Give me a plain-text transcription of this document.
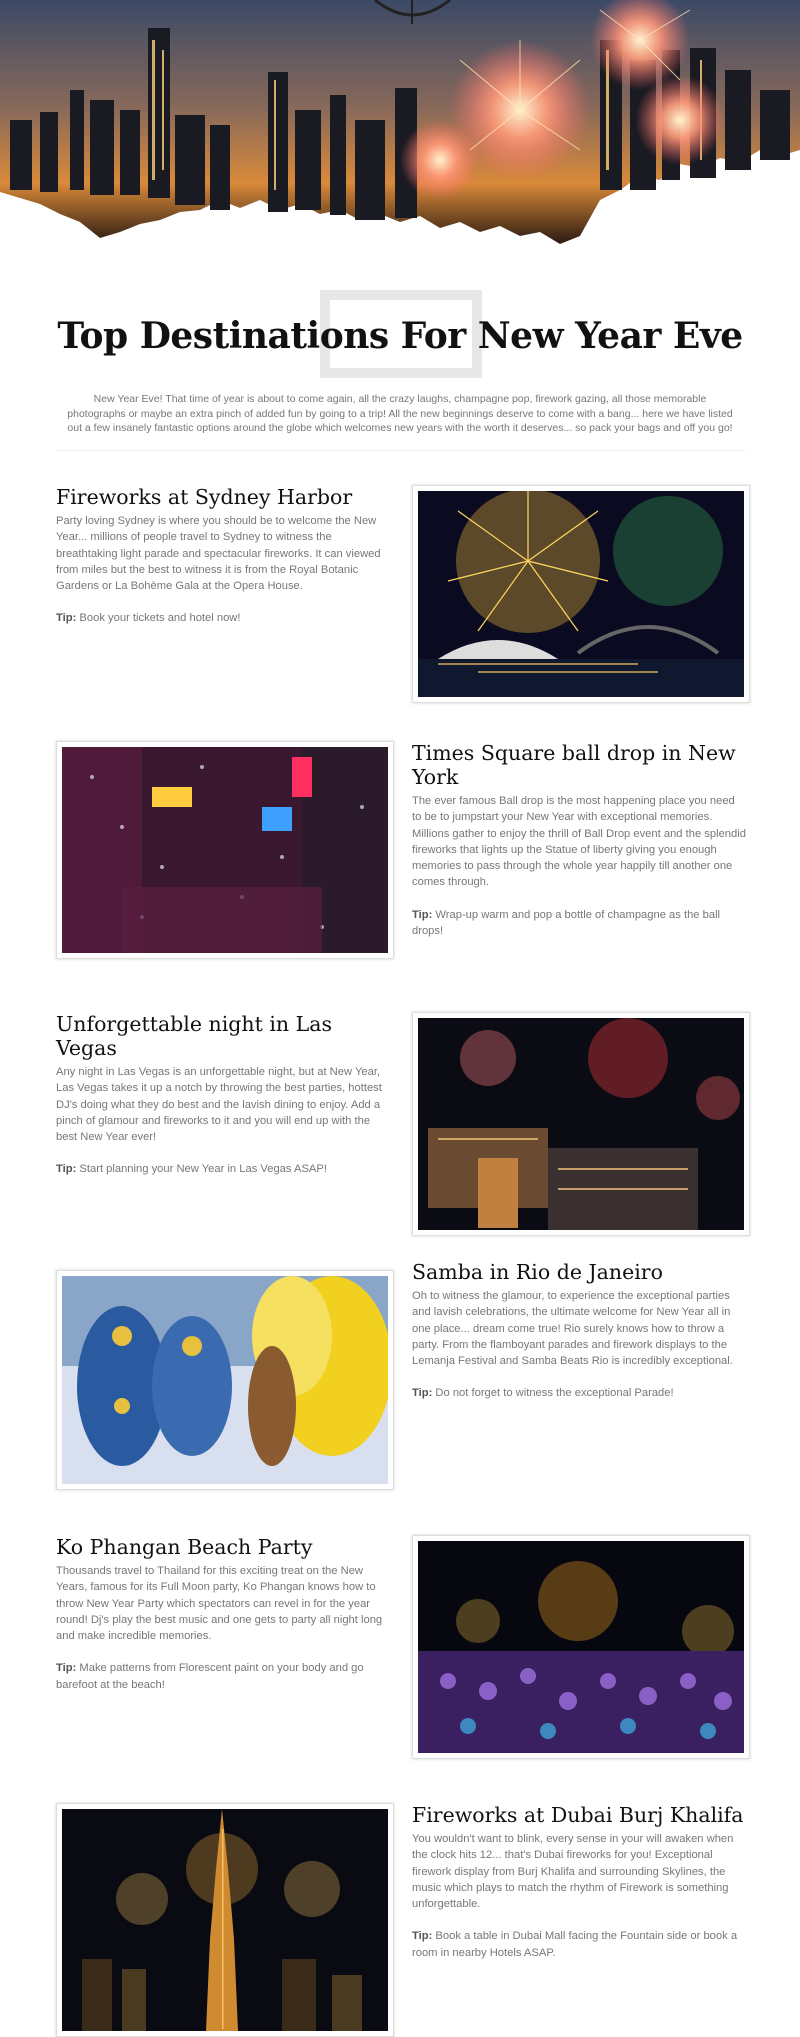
Top Destinations For New Year Eve

New Year Eve! That time of year is about to come again, all the crazy laughs, champagne pop, firework gazing, all those memorable photographs or maybe an extra pinch of added fun by going to a trip! All the new beginnings deserve to come with a bang... here we have listed out a few insanely fantastic options around the globe which welcomes new years with the worth it deserves... so pack your bags and off you go!

Fireworks at Sydney Harbor

Party loving Sydney is where you should be to welcome the New Year... millions of people travel to Sydney to witness the breathtaking light parade and spectacular fireworks. It can viewed from miles but the best to witness it is from the Royal Botanic Gardens or La Bohème Gala at the Opera House.

Tip: Book your tickets and hotel now!

Times Square ball drop in New York

The ever famous Ball drop is the most happening place you need to be to jumpstart your New Year with exceptional memories. Millions gather to enjoy the thrill of Ball Drop event and the splendid fireworks that lights up the Statue of liberty giving you enough memories to pass through the whole year happily till another one comes through.

Tip: Wrap-up warm and pop a bottle of champagne as the ball drops!

Unforgettable night in Las Vegas

Any night in Las Vegas is an unforgettable night, but at New Year, Las Vegas takes it up a notch by throwing the best parties, hottest DJ's doing what they do best and the lavish dining to enjoy. Add a pinch of glamour and fireworks to it and you will end up with the best New Year ever!

Tip: Start planning your New Year in Las Vegas ASAP!

Samba in Rio de Janeiro

Oh to witness the glamour, to experience the exceptional parties and lavish celebrations, the ultimate welcome for New Year all in one place... dream come true! Rio surely knows how to throw a party. From the flamboyant parades and firework displays to the Lemanja Festival and Samba Beats Rio is incredibly exceptional.

Tip: Do not forget to witness the exceptional Parade!

Ko Phangan Beach Party

Thousands travel to Thailand for this exciting treat on the New Years, famous for its Full Moon party, Ko Phangan knows how to throw New Year Party which spectators can revel in for the year round! Dj's play the best music and one gets to party all night long and make incredible memories.

Tip: Make patterns from Florescent paint on your body and go barefoot at the beach!

Fireworks at Dubai Burj Khalifa

You wouldn't want to blink, every sense in your will awaken when the clock hits 12... that's Dubai fireworks for you! Exceptional firework display from Burj Khalifa and surrounding Skylines, the music which plays to match the rhythm of Firework is something unforgettable.

Tip: Book a table in Dubai Mall facing the Fountain side or book a room in nearby Hotels ASAP.
